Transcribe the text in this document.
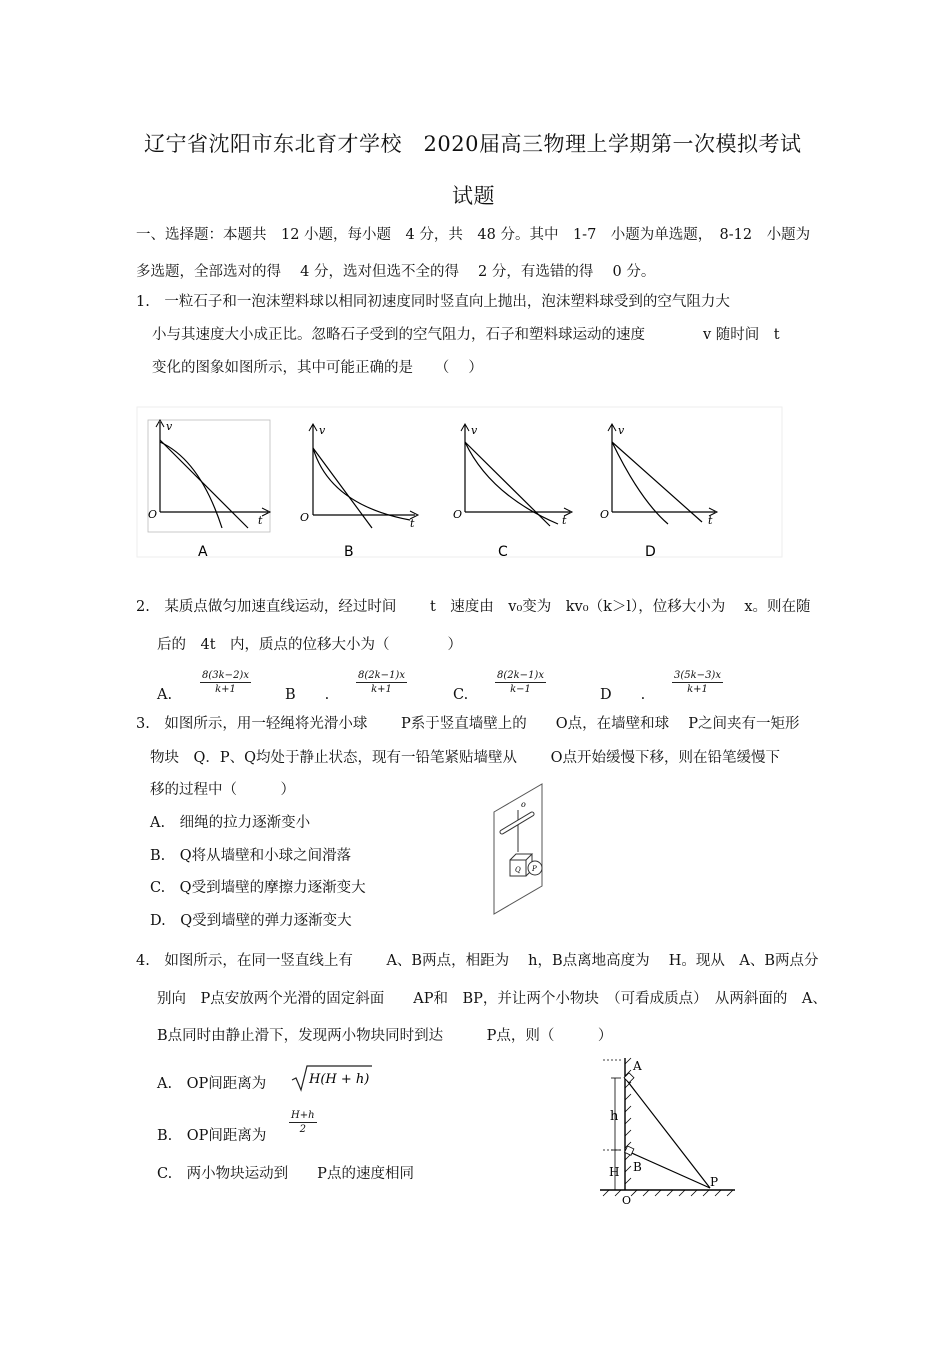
辽宁省沈阳市东北育才学校　2020届高三物理上学期第一次模拟考试
试题
一、选择题：本题共　12 小题，每小题　4 分，共　48 分。其中　1-7　小题为单选题，　8-12　小题为
多选题，全部选对的得　 4 分，选对但选不全的得　 2 分，有选错的得　 0 分。
1.　一粒石子和一泡沫塑料球以相同初速度同时竖直向上抛出，泡沫塑料球受到的空气阻力大
小与其速度大小成正比。忽略石子受到的空气阻力，石子和塑料球运动的速度　　　　v 随时间　t
变化的图象如图所示，其中可能正确的是　　（　 ）
v
O	t
v
O	t
v
O	t
v
O	t
A	B	C	D
2.　某质点做匀加速直线运动，经过时间　　 t　速度由　v₀变为　kv₀（k＞l），位移大小为　 x。则在随
后的　4t　内，质点的位移大小为（　　　　）
A.	$\frac{8(3k-2)x}{k+1}$ B　　.	$\frac{8(2k-1)x}{k+1}$	C.	$\frac{8(2k-1)x}{k-1}$	D　　.	$\frac{3(5k-3)x}{k+1}$
3.　如图所示，用一轻绳将光滑小球　　 P系于竖直墙壁上的　　O点，在墙壁和球　 P之间夹有一矩形
物块　Q．P、Q均处于静止状态，现有一铅笔紧贴墙壁从　　 O点开始缓慢下移，则在铅笔缓慢下
移的过程中（　　　）
A.　细绳的拉力逐渐变小
B.　Q将从墙壁和小球之间滑落
C.　Q受到墙壁的摩擦力逐渐变大
D.　Q受到墙壁的弹力逐渐变大
o
Q P
4.　如图所示，在同一竖直线上有　　 A、B两点，相距为　 h，B点离地高度为　 H。现从　A、B两点分
别向　P点安放两个光滑的固定斜面　　AP和　BP，并让两个小物块　（可看成质点）　从两斜面的　A、
B点同时由静止滑下，发现两小物块同时到达　　　P点，则（　　　）
A.　OP间距离为	H(H + h)
B.　OP间距离为
$\frac{H+h}{2}$
C.　两小物块运动到　　P点的速度相同
A
B
h
H
O
P
